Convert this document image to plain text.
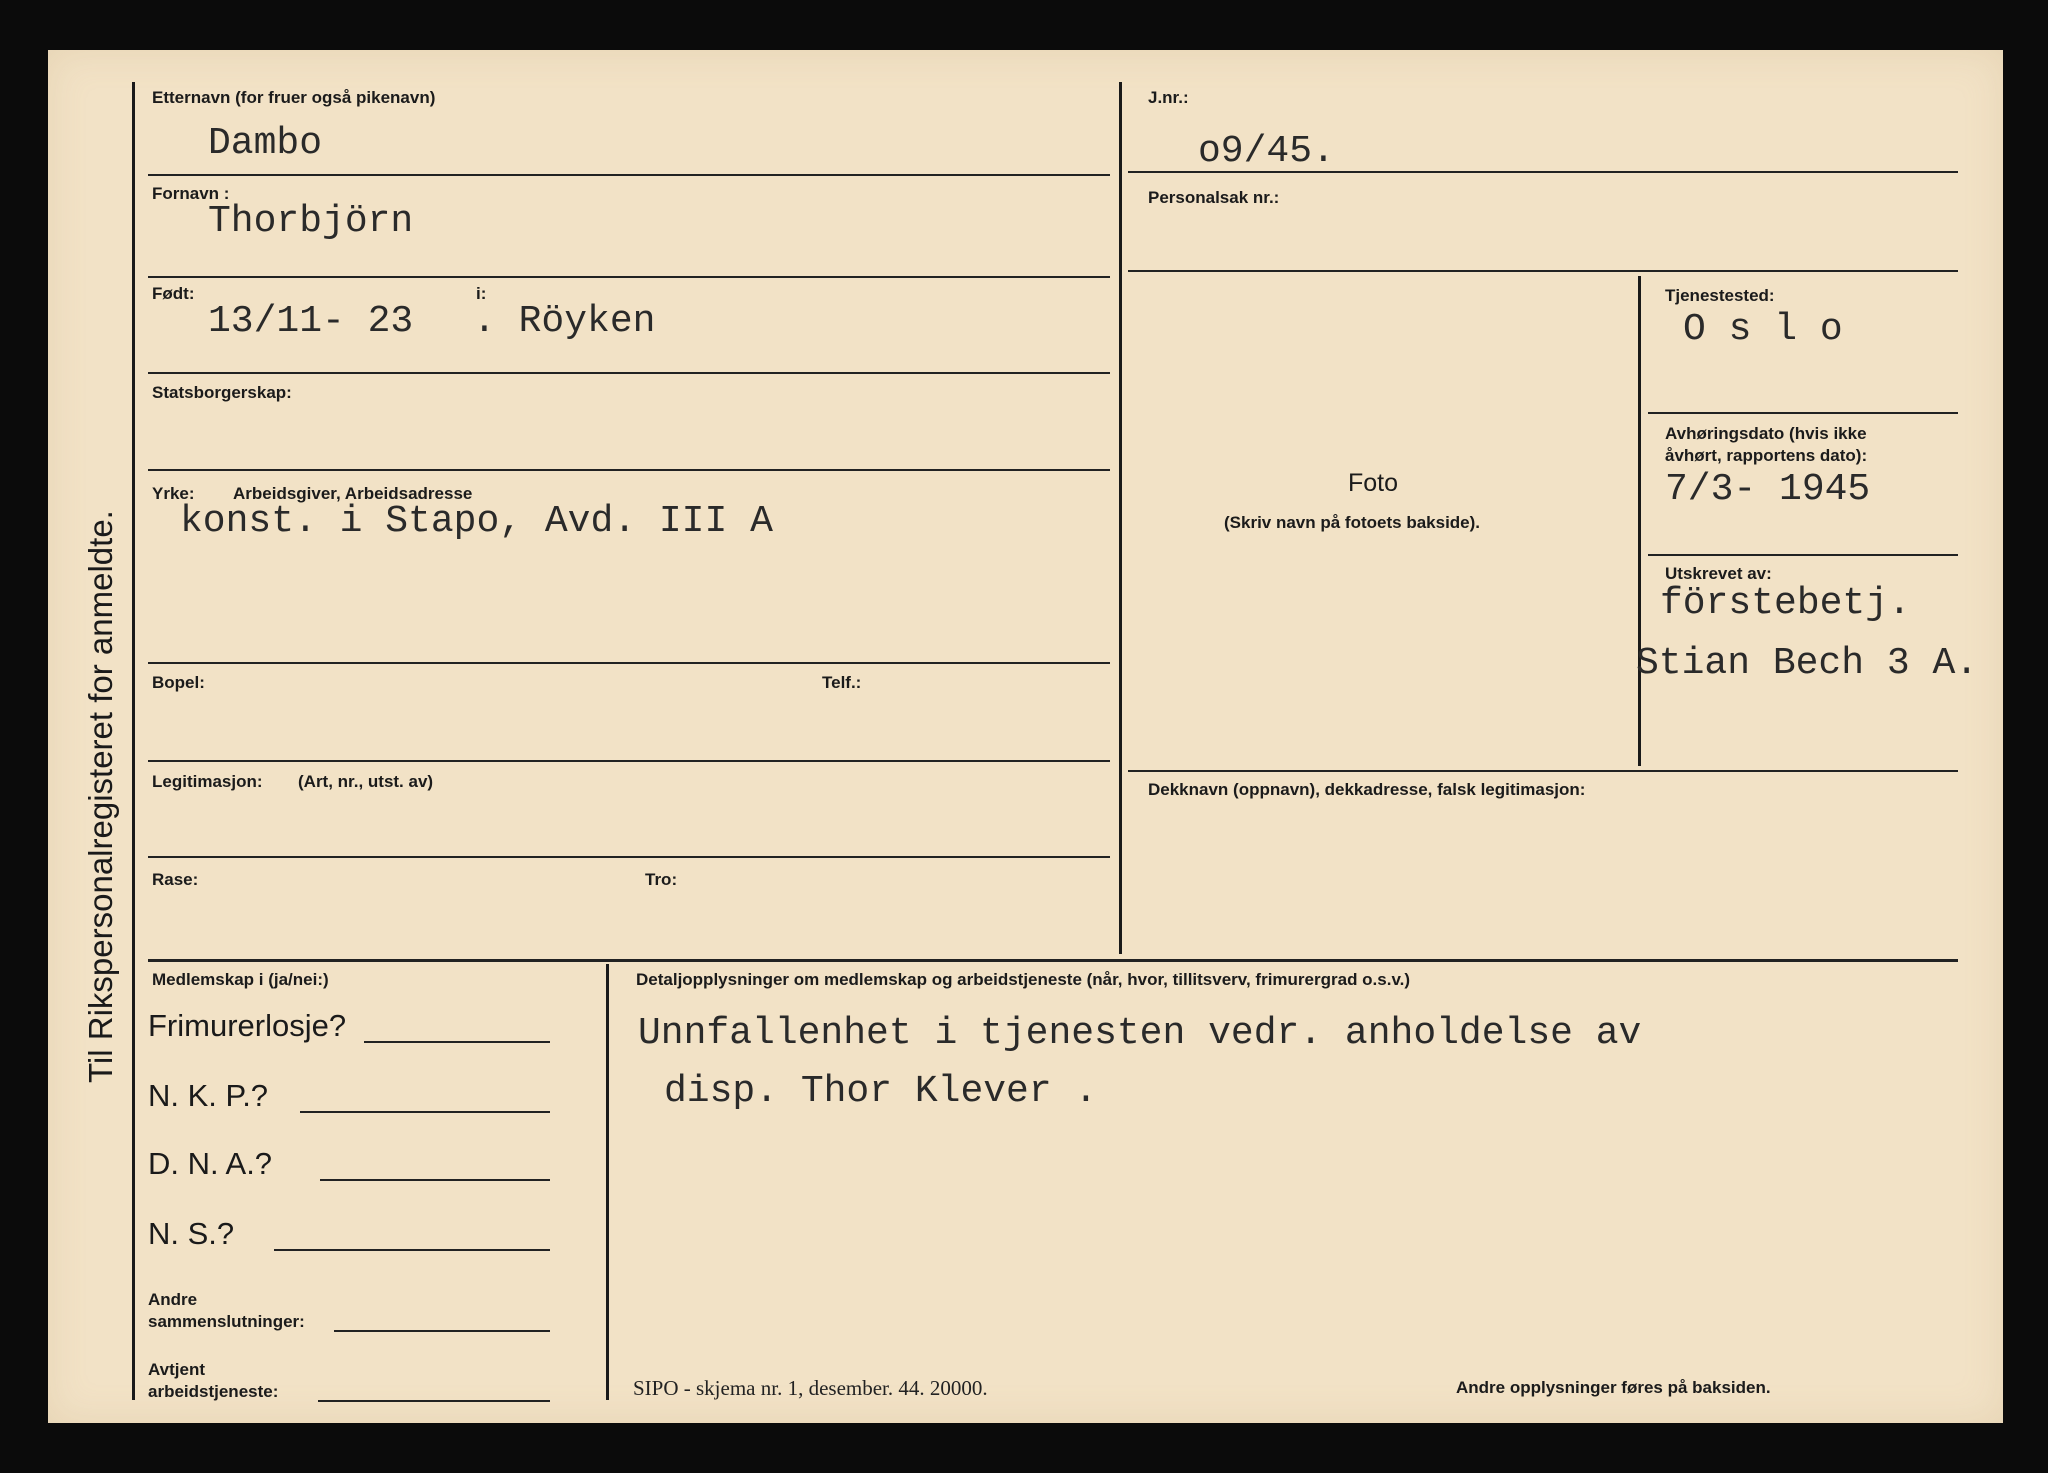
Etternavn (for fruer også pikenavn)
Dambo
Fornavn :
Thorbjörn
Født:	i:
13/11- 23 . Röyken
Statsborgerskap:
Yrke: Arbeidsgiver, Arbeidsadresse
konst. i Stapo, Avd. III A
Bopel:	Telf.:
Legitimasjon: (Art, nr., utst. av)
Rase:	Tro:
J.nr.:
o9/45.
Personalsak nr.:
Foto
(Skriv navn på fotoets bakside).
Tjenestested:
O s l o
Avhøringsdato (hvis ikke
åvhørt, rapportens dato):
7/3- 1945
Utskrevet av:
förstebetj.
Stian Bech 3 A.
Dekknavn (oppnavn), dekkadresse, falsk legitimasjon:
Medlemskap i (ja/nei:)
Frimurerlosje?
N. K. P.?
D. N. A.?
N. S.?
Andre
sammenslutninger:
Avtjent
arbeidstjeneste:
Detaljopplysninger om medlemskap og arbeidstjeneste (når, hvor, tillitsverv, frimurergrad o.s.v.)
Unnfallenhet i tjenesten vedr. anholdelse av
disp. Thor Klever .
SIPO - skjema nr. 1, desember. 44. 20000.	Andre opplysninger føres på baksiden.
Til Rikspersonalregisteret for anmeldte.
